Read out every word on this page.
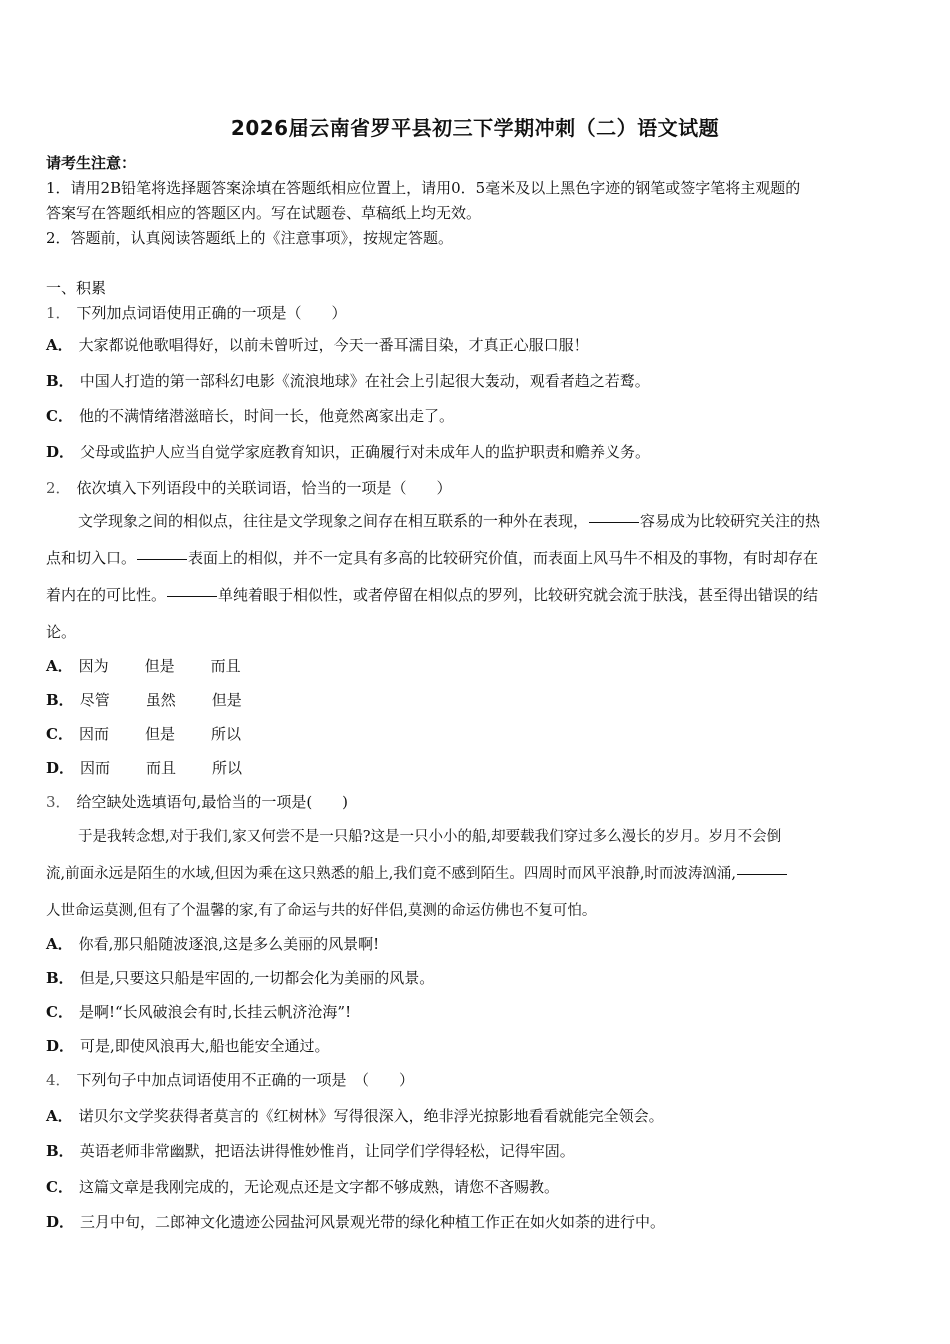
2026届云南省罗平县初三下学期冲刺（二）语文试题
请考生注意：
1．请用2B铅笔将选择题答案涂填在答题纸相应位置上，请用0．5毫米及以上黑色字迹的钢笔或签字笔将主观题的
答案写在答题纸相应的答题区内。写在试题卷、草稿纸上均无效。
2．答题前，认真阅读答题纸上的《注意事项》，按规定答题。
一、积累
1． 下列加点词语使用正确的一项是（　　）
A． 大家都说他歌唱得好，以前未曾听过，今天一番耳濡目染，才真正心服口服！
B． 中国人打造的第一部科幻电影《流浪地球》在社会上引起很大轰动，观看者趋之若鹜。
C． 他的不满情绪潜滋暗长，时间一长，他竟然离家出走了。
D． 父母或监护人应当自觉学家庭教育知识，正确履行对未成年人的监护职责和赡养义务。
2． 依次填入下列语段中的关联词语，恰当的一项是（　　）
文学现象之间的相似点，往往是文学现象之间存在相互联系的一种外在表现，	容易成为比较研究关注的热
点和切入口。	表面上的相似，并不一定具有多高的比较研究价值，而表面上风马牛不相及的事物，有时却存在
着内在的可比性。	单纯着眼于相似性，或者停留在相似点的罗列，比较研究就会流于肤浅，甚至得出错误的结
论。
A． 因为 但是 而且
B． 尽管 虽然 但是
C． 因而 但是 所以
D． 因而 而且 所以
3． 给空缺处选填语句,最恰当的一项是(　　)
于是我转念想,对于我们,家又何尝不是一只船?这是一只小小的船,却要载我们穿过多么漫长的岁月。岁月不会倒
流,前面永远是陌生的水域,但因为乘在这只熟悉的船上,我们竟不感到陌生。四周时而风平浪静,时而波涛汹涌,
人世命运莫测,但有了个温馨的家,有了命运与共的好伴侣,莫测的命运仿佛也不复可怕。
A． 你看,那只船随波逐浪,这是多么美丽的风景啊!
B． 但是,只要这只船是牢固的,一切都会化为美丽的风景。
C． 是啊!“长风破浪会有时,长挂云帆济沧海”!
D． 可是,即使风浪再大,船也能安全通过。
4． 下列句子中加点词语使用不正确的一项是　（　　）
A． 诺贝尔文学奖获得者莫言的《红树林》写得很深入，绝非浮光掠影地看看就能完全领会。
B． 英语老师非常幽默，把语法讲得惟妙惟肖，让同学们学得轻松，记得牢固。
C． 这篇文章是我刚完成的，无论观点还是文字都不够成熟，请您不吝赐教。
D． 三月中旬，二郎神文化遗迹公园盐河风景观光带的绿化种植工作正在如火如荼的进行中。
